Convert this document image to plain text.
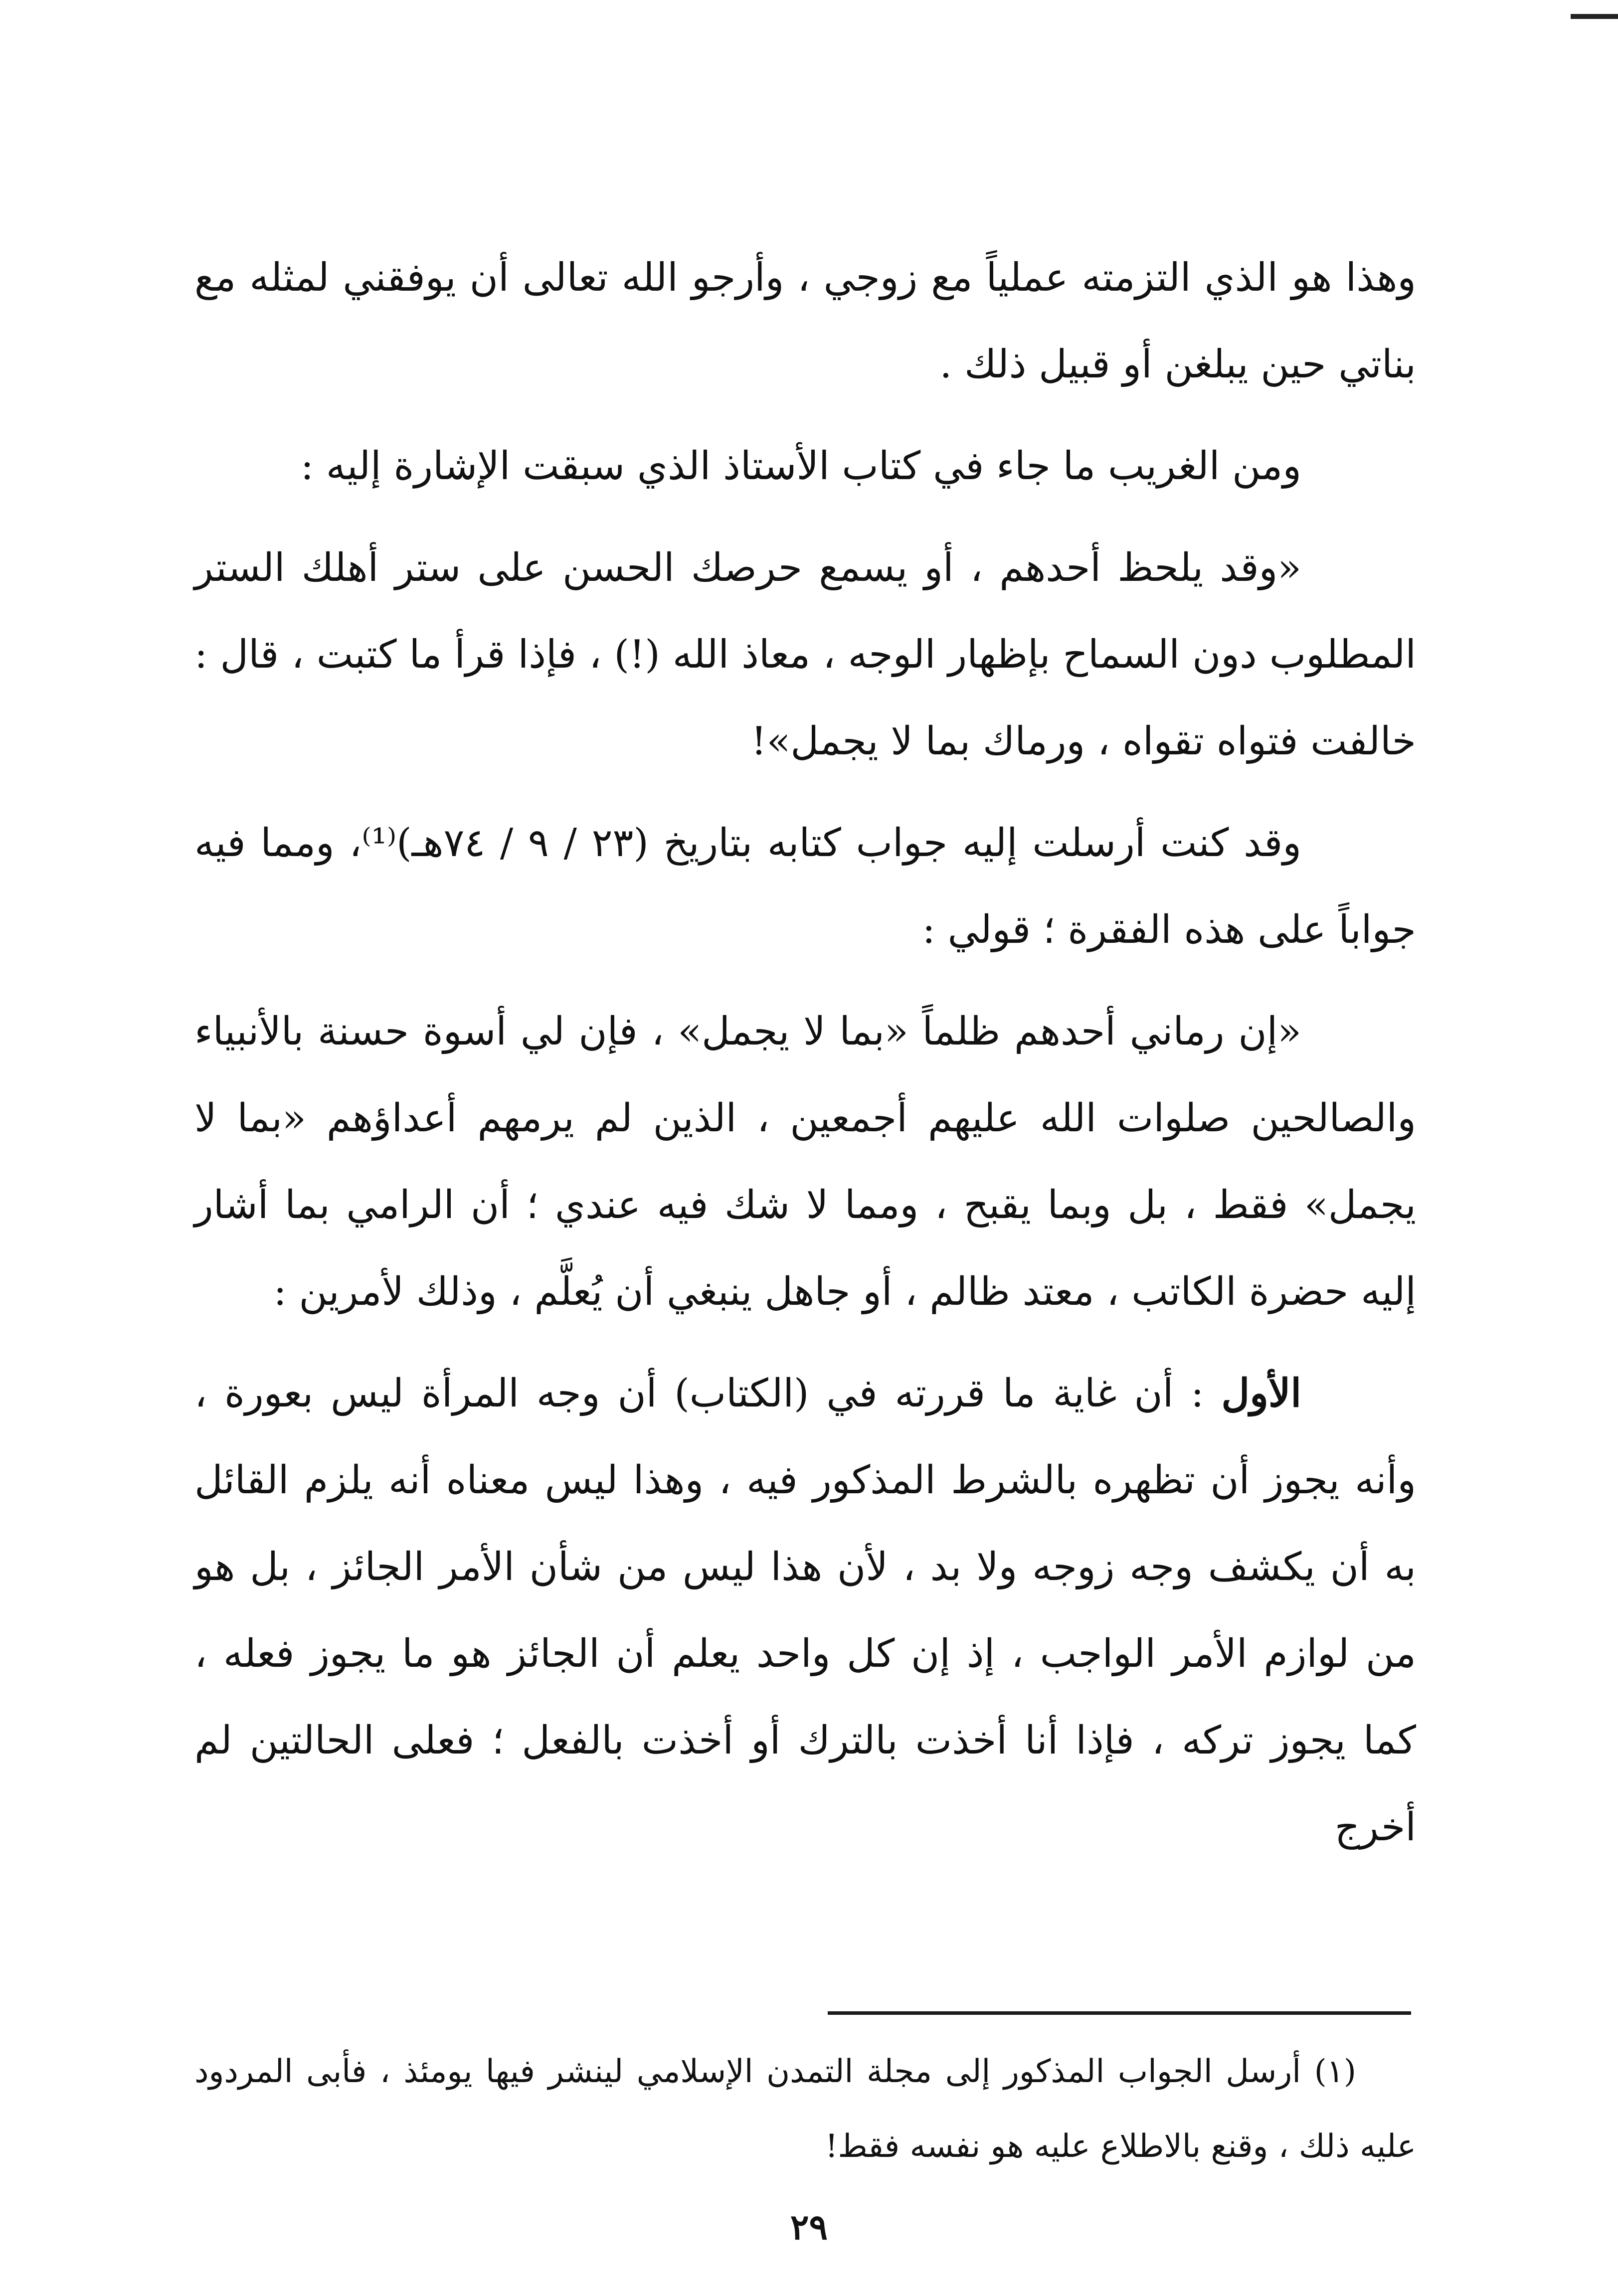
وهذا هو الذي التزمته عملياً مع زوجي ، وأرجو الله تعالى أن يوفقني لمثله مع بناتي حين يبلغن أو قبيل ذلك .

ومن الغريب ما جاء في كتاب الأستاذ الذي سبقت الإشارة إليه :

«وقد يلحظ أحدهم ، أو يسمع حرصك الحسن على ستر أهلك الستر المطلوب دون السماح بإظهار الوجه ، معاذ الله (!) ، فإذا قرأ ما كتبت ، قال : خالفت فتواه تقواه ، ورماك بما لا يجمل»!

وقد كنت أرسلت إليه جواب كتابه بتاريخ (٢٣ / ٩ / ٧٤هـ)⁽¹⁾، ومما فيه جواباً على هذه الفقرة ؛ قولي :

«إن رماني أحدهم ظلماً «بما لا يجمل» ، فإن لي أسوة حسنة بالأنبياء والصالحين صلوات الله عليهم أجمعين ، الذين لم يرمهم أعداؤهم «بما لا يجمل» فقط ، بل وبما يقبح ، ومما لا شك فيه عندي ؛ أن الرامي بما أشار إليه حضرة الكاتب ، معتد ظالم ، أو جاهل ينبغي أن يُعلَّم ، وذلك لأمرين :

الأول : أن غاية ما قررته في (الكتاب) أن وجه المرأة ليس بعورة ، وأنه يجوز أن تظهره بالشرط المذكور فيه ، وهذا ليس معناه أنه يلزم القائل به أن يكشف وجه زوجه ولا بد ، لأن هذا ليس من شأن الأمر الجائز ، بل هو من لوازم الأمر الواجب ، إذ إن كل واحد يعلم أن الجائز هو ما يجوز فعله ، كما يجوز تركه ، فإذا أنا أخذت بالترك أو أخذت بالفعل ؛ فعلى الحالتين لم أخرج

(١) أرسل الجواب المذكور إلى مجلة التمدن الإسلامي لينشر فيها يومئذ ، فأبى المردود عليه ذلك ، وقنع بالاطلاع عليه هو نفسه فقط!

٢٩
